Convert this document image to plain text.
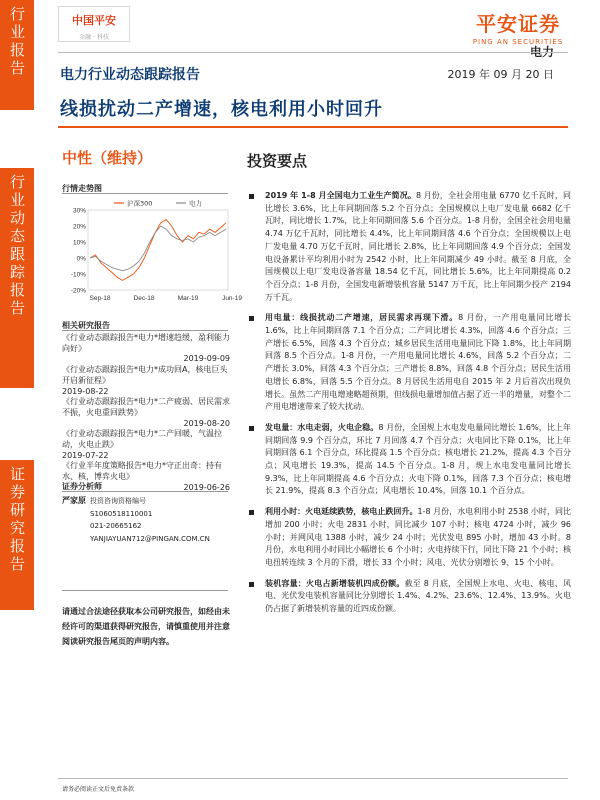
行业报告
行业动态跟踪报告
证券研究报告
中国平安
金融 · 科技
平安证券
PING AN SECURITIES
电力
电力行业动态跟踪报告	2019 年 09 月 20 日
线损扰动二产增速，核电利用小时回升
中性（维持）
行情走势图
-20%
-10%
0%
10%
20%
30%
Sep-18	Dec-18	Mar-19	Jun-19
沪深300	电力
相关研究报告
《行业动态跟踪报告*电力*增速趋缓，盈利能力向好》
2019-09-09
《行业动态跟踪报告*电力*成功回A，核电巨头开启新征程》
2019-08-22
《行业动态跟踪报告*电力*二产疲弱、居民需求不振，火电重回跌势》
2019-08-20
《行业动态跟踪报告*电力*二产回暖，气温拉动，火电止跌》
2019-07-22
《行业半年度策略报告*电力*守正出奇：持有水、核，博弈火电》
2019-06-26
证券分析师
严家原 投资咨询资格编号
S1060518110001
021-20665162
YANJIAYUAN712@PINGAN.COM.CN
请通过合法途径获取本公司研究报告，如经由未经许可的渠道获得研究报告，请慎重使用并注意阅读研究报告尾页的声明内容。
投资要点
2019 年 1-8 月全国电力工业生产简况。8 月份，全社会用电量 6770 亿千瓦时，同比增长 3.6%，比上年同期回落 5.2 个百分点；全国规模以上电厂发电量 6682 亿千瓦时，同比增长 1.7%，比上年同期回落 5.6 个百分点。1-8 月份，全国全社会用电量 4.74 万亿千瓦时，同比增长 4.4%，比上年同期回落 4.6 个百分点；全国规模以上电厂发电量 4.70 万亿千瓦时，同比增长 2.8%，比上年同期回落 4.9 个百分点；全国发电设备累计平均利用小时为 2542 小时，比上年同期减少 49 小时。截至 8 月底，全国规模以上电厂发电设备容量 18.54 亿千瓦，同比增长 5.6%，比上年同期提高 0.2 个百分点；1-8 月份，全国发电新增装机容量 5147 万千瓦，比上年同期少投产 2194 万千瓦。
用电量：线损扰动二产增速，居民需求再现下滑。8 月份，一产用电量同比增长 1.6%，比上年同期回落 7.1 个百分点；二产同比增长 4.3%，回落 4.6 个百分点；三产增长 6.5%，回落 4.3 个百分点；城乡居民生活用电量同比下降 1.8%，比上年同期回落 8.5 个百分点。1-8 月份，一产用电量同比增长 4.6%，回落 5.2 个百分点；二产增长 3.0%，回落 4.3 个百分点；三产增长 8.8%，回落 4.8 个百分点；居民生活用电增长 6.8%，回落 5.5 个百分点。8 月居民生活用电自 2015 年 2 月后首次出现负增长。虽然二产用电增速略超预期，但线损电量增加值占据了近一半的增量，对整个二产用电增速带来了较大扰动。
发电量：水电走弱，火电企稳。8 月份，全国规上水电发电量同比增长 1.6%，比上年同期回落 9.9 个百分点，环比 7 月回落 4.7 个百分点；火电同比下降 0.1%，比上年同期回落 6.1 个百分点，环比提高 1.5 个百分点；核电增长 21.2%，提高 4.3 个百分点；风电增长 19.3%，提高 14.5 个百分点。1-8 月，规上水电发电量同比增长 9.3%，比上年同期提高 4.6 个百分点；火电下降 0.1%，回落 7.3 个百分点；核电增长 21.9%，提高 8.3 个百分点；风电增长 10.4%，回落 10.1 个百分点。
利用小时：火电延续跌势，核电止跌回升。1-8 月份，水电利用小时 2538 小时，同比增加 200 小时；火电 2831 小时，同比减少 107 小时；核电 4724 小时，减少 96 小时；并网风电 1388 小时，减少 24 小时；光伏发电 895 小时，增加 43 小时。8 月份，水电利用小时同比小幅增长 6 个小时；火电持续下行，同比下降 21 个小时；核电扭转连续 3 个月的下滑，增长 33 个小时；风电、光伏分别增长 9、15 个小时。
装机容量：火电占新增装机四成份额。截至 8 月底，全国规上水电、火电、核电、风电、光伏发电装机容量同比分别增长 1.4%、4.2%、23.6%、12.4%、13.9%。火电仍占据了新增装机容量的近四成份额。
请务必阅读正文后免责条款
